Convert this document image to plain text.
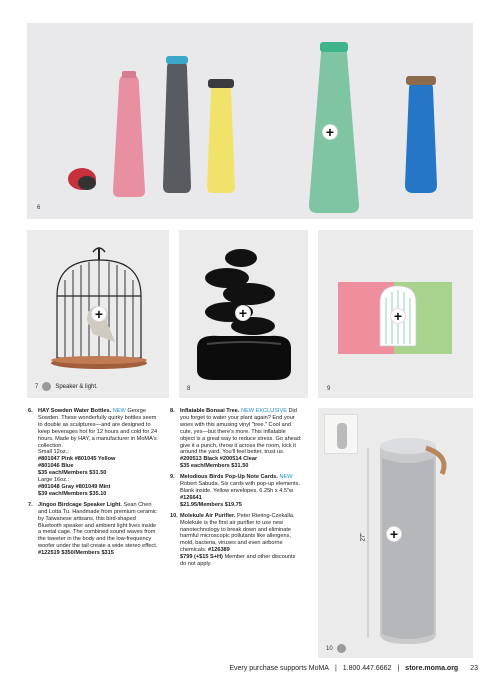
+
6
+
7	Speaker & light.
+
8
+
9
27" +
10

6. HAY Sowden Water Bottles. NEW George Sowden. These wonderfully quirky bottles seem to double as sculptures—and are designed to keep beverages hot for 12 hours and cold for 24 hours. Made by HAY, a manufacturer in MoMA's collection.
Small 12oz.:
#801047 Pink #801045 Yellow
#801046 Blue
$35 each/Members $31.50
Large 16oz.:
#801048 Gray #801049 Mint
$39 each/Members $35.10

7. Jingoo Birdcage Speaker Light. Sean Chen and Lotta Tu. Handmade from premium ceramic by Taiwanese artisans, this bird-shaped Bluetooth speaker and ambient light lives inside a metal cage. The combined sound waves from the tweeter in the body and the low-frequency woofer under the tail create a wide stereo effect.
#122519 $350/Members $315

8. Inflatable Bonsai Tree. NEW EXCLUSIVE Did you forget to water your plant again? End your woes with this amusing vinyl "tree." Cool and cute, yes—but there's more. This inflatable object is a great way to reduce stress. Go ahead: give it a punch, throw it across the room, kick it around the yard. You'll feel better, trust us.
#200513 Black #200514 Clear
$35 each/Members $31.50

9. Melodious Birds Pop-Up Note Cards. NEW Robert Sabuda. Six cards with pop-up elements. Blank inside. Yellow envelopes. 6.25h x 4.5"w #126641
$21.95/Members $19.75

10. Molekule Air Purifier. Peter Riering-Czekalla. Molekule is the first air purifier to use new nanotechnology to break down and eliminate harmful microscopic pollutants like allergens, mold, bacteria, viruses and even airborne chemicals. #126389
$799 (+$15 S+H) Member and other discounts do not apply.

Every purchase supports MoMA | 1.800.447.6662 | store.moma.org 23
